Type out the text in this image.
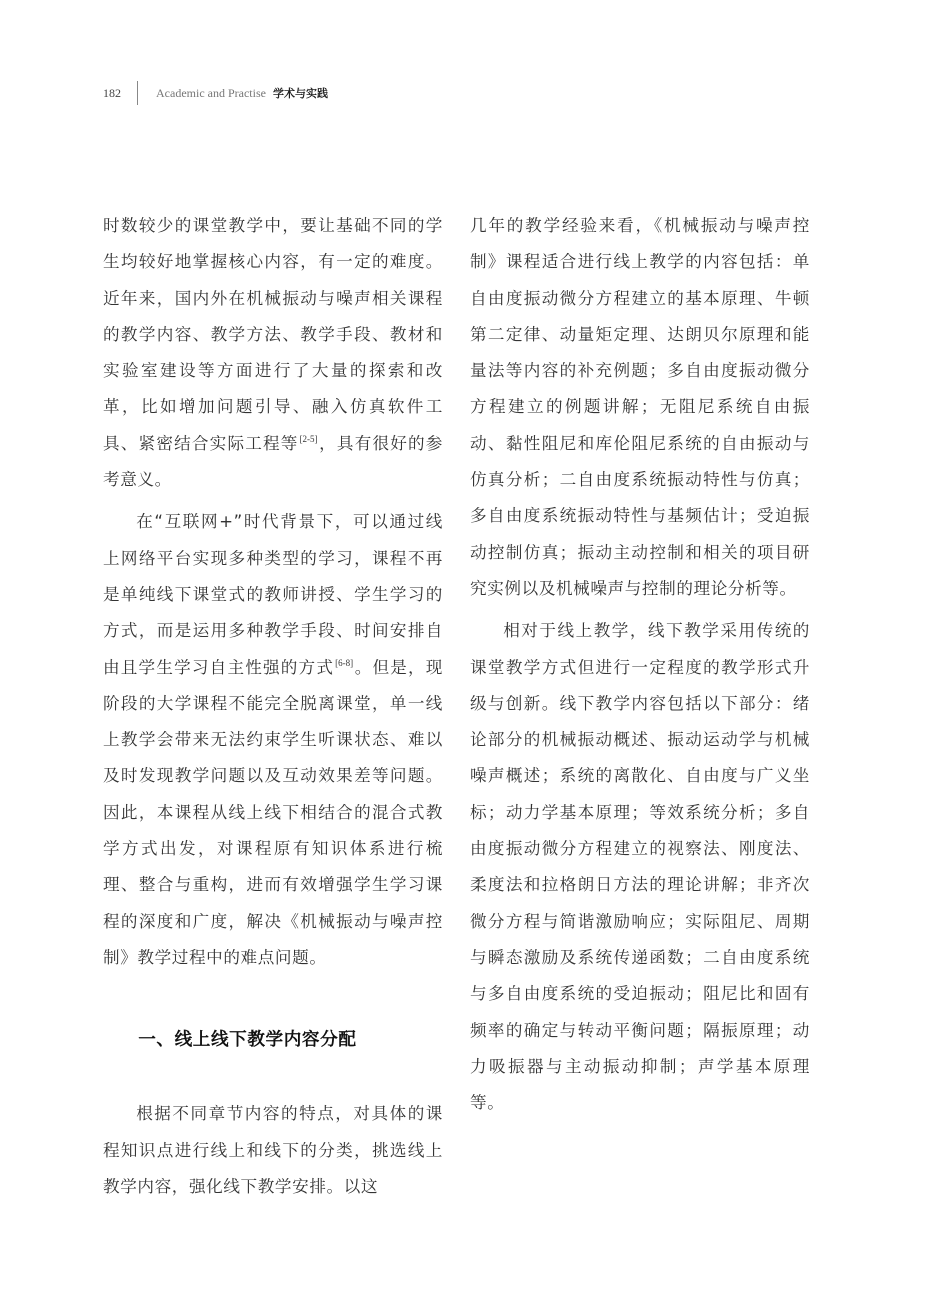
182	Academic and Practise 学术与实践

时数较少的课堂教学中，要让基础不同的学生均较好地掌握核心内容，有一定的难度。近年来，国内外在机械振动与噪声相关课程的教学内容、教学方法、教学手段、教材和实验室建设等方面进行了大量的探索和改革，比如增加问题引导、融入仿真软件工具、紧密结合实际工程等[2-5]，具有很好的参考意义。

在“互联网+”时代背景下，可以通过线上网络平台实现多种类型的学习，课程不再是单纯线下课堂式的教师讲授、学生学习的方式，而是运用多种教学手段、时间安排自由且学生学习自主性强的方式[6-8]。但是，现阶段的大学课程不能完全脱离课堂，单一线上教学会带来无法约束学生听课状态、难以及时发现教学问题以及互动效果差等问题。因此，本课程从线上线下相结合的混合式教学方式出发，对课程原有知识体系进行梳理、整合与重构，进而有效增强学生学习课程的深度和广度，解决《机械振动与噪声控制》教学过程中的难点问题。

一、线上线下教学内容分配

根据不同章节内容的特点，对具体的课程知识点进行线上和线下的分类，挑选线上教学内容，强化线下教学安排。以这

几年的教学经验来看，《机械振动与噪声控制》课程适合进行线上教学的内容包括：单自由度振动微分方程建立的基本原理、牛顿第二定律、动量矩定理、达朗贝尔原理和能量法等内容的补充例题；多自由度振动微分方程建立的例题讲解；无阻尼系统自由振动、黏性阻尼和库伦阻尼系统的自由振动与仿真分析；二自由度系统振动特性与仿真；多自由度系统振动特性与基频估计；受迫振动控制仿真；振动主动控制和相关的项目研究实例以及机械噪声与控制的理论分析等。

相对于线上教学，线下教学采用传统的课堂教学方式但进行一定程度的教学形式升级与创新。线下教学内容包括以下部分：绪论部分的机械振动概述、振动运动学与机械噪声概述；系统的离散化、自由度与广义坐标；动力学基本原理；等效系统分析；多自由度振动微分方程建立的视察法、刚度法、柔度法和拉格朗日方法的理论讲解；非齐次微分方程与简谐激励响应；实际阻尼、周期与瞬态激励及系统传递函数；二自由度系统与多自由度系统的受迫振动；阻尼比和固有频率的确定与转动平衡问题；隔振原理；动力吸振器与主动振动抑制；声学基本原理等。
